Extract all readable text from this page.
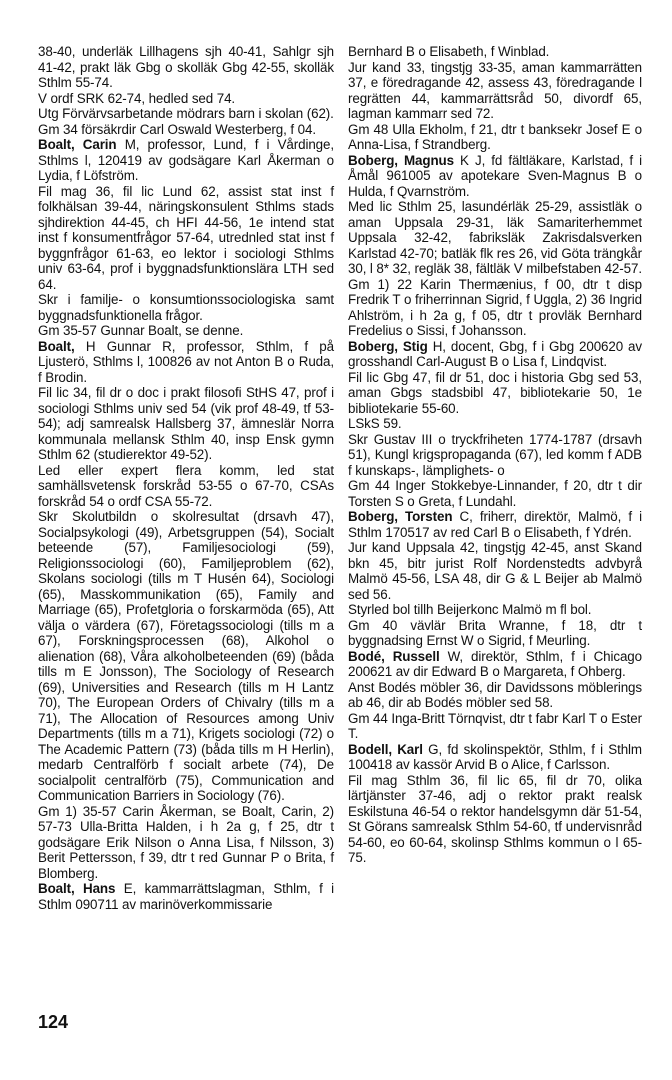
38-40, underläk Lillhagens sjh 40-41, Sahlgr sjh 41-42, prakt läk Gbg o skolläk Gbg 42-55, skolläk Sthlm 55-74.

V ordf SRK 62-74, hedled sed 74.

Utg Förvärvsarbetande mödrars barn i skolan (62).

Gm 34 försäkrdir Carl Oswald Westerberg, f 04.

Boalt, Carin M, professor, Lund, f i Vårdinge, Sthlms l, 120419 av godsägare Karl Åkerman o Lydia, f Löfström.

Fil mag 36, fil lic Lund 62, assist stat inst f folkhälsan 39-44, näringskonsulent Sthlms stads sjhdirektion 44-45, ch HFI 44-56, 1e intend stat inst f konsumentfrågor 57-64, utrednled stat inst f byggnfrågor 61-63, eo lektor i sociologi Sthlms univ 63-64, prof i byggnadsfunktionslära LTH sed 64.

Skr i familje- o konsumtionssociologiska samt byggnadsfunktionella frågor.

Gm 35-57 Gunnar Boalt, se denne.

Boalt, H Gunnar R, professor, Sthlm, f på Ljusterö, Sthlms l, 100826 av not Anton B o Ruda, f Brodin.

Fil lic 34, fil dr o doc i prakt filosofi StHS 47, prof i sociologi Sthlms univ sed 54 (vik prof 48-49, tf 53-54); adj samrealsk Hallsberg 37, ämneslär Norra kommunala mellansk Sthlm 40, insp Ensk gymn Sthlm 62 (studierektor 49-52).

Led eller expert flera komm, led stat samhällsvetensk forskråd 53-55 o 67-70, CSAs forskråd 54 o ordf CSA 55-72.

Skr Skolutbildn o skolresultat (drsavh 47), Socialpsykologi (49), Arbetsgruppen (54), Socialt beteende (57), Familjesociologi (59), Religionssociologi (60), Familjeproblem (62), Skolans sociologi (tills m T Husén 64), Sociologi (65), Masskommunikation (65), Family and Marriage (65), Profetgloria o forskarmöda (65), Att välja o värdera (67), Företagssociologi (tills m a 67), Forskningsprocessen (68), Alkohol o alienation (68), Våra alkoholbeteenden (69) (båda tills m E Jonsson), The Sociology of Research (69), Universities and Research (tills m H Lantz 70), The European Orders of Chivalry (tills m a 71), The Allocation of Resources among Univ Departments (tills m a 71), Krigets sociologi (72) o The Academic Pattern (73) (båda tills m H Herlin), medarb Centralförb f socialt arbete (74), De socialpolit centralförb (75), Communication and Communication Barriers in Sociology (76).

Gm 1) 35-57 Carin Åkerman, se Boalt, Carin, 2) 57-73 Ulla-Britta Halden, i h 2a g, f 25, dtr t godsägare Erik Nilson o Anna Lisa, f Nilsson, 3) Berit Pettersson, f 39, dtr t red Gunnar P o Brita, f Blomberg.

Boalt, Hans E, kammarrättslagman, Sthlm, f i Sthlm 090711 av marinöverkommissarie

Bernhard B o Elisabeth, f Winblad.

Jur kand 33, tingstjg 33-35, aman kammarrätten 37, e föredragande 42, assess 43, föredragande l regrätten 44, kammarrättsråd 50, divordf 65, lagman kammarr sed 72.

Gm 48 Ulla Ekholm, f 21, dtr t banksekr Josef E o Anna-Lisa, f Strandberg.

Boberg, Magnus K J, fd fältläkare, Karlstad, f i Åmål 961005 av apotekare Sven-Magnus B o Hulda, f Qvarnström.

Med lic Sthlm 25, lasundérläk 25-29, assistläk o aman Uppsala 29-31, läk Samariterhemmet Uppsala 32-42, fabriksläk Zakrisdalsverken Karlstad 42-70; batläk flk res 26, vid Göta trängkår 30, l 8* 32, regläk 38, fältläk V milbefstaben 42-57.

Gm 1) 22 Karin Thermænius, f 00, dtr t disp Fredrik T o friherrinnan Sigrid, f Uggla, 2) 36 Ingrid Ahlström, i h 2a g, f 05, dtr t provläk Bernhard Fredelius o Sissi, f Johansson.

Boberg, Stig H, docent, Gbg, f i Gbg 200620 av grosshandl Carl-August B o Lisa f, Lindqvist.

Fil lic Gbg 47, fil dr 51, doc i historia Gbg sed 53, aman Gbgs stadsbibl 47, bibliotekarie 50, 1e bibliotekarie 55-60.

LSkS 59.

Skr Gustav III o tryckfriheten 1774-1787 (drsavh 51), Kungl krigspropaganda (67), led komm f ADB f kunskaps-, lämplighets- o

Gm 44 Inger Stokkebye-Linnander, f 20, dtr t dir Torsten S o Greta, f Lundahl.

Boberg, Torsten C, friherr, direktör, Malmö, f i Sthlm 170517 av red Carl B o Elisabeth, f Ydrén.

Jur kand Uppsala 42, tingstjg 42-45, anst Skand bkn 45, bitr jurist Rolf Nordenstedts advbyrå Malmö 45-56, LSA 48, dir G & L Beijer ab Malmö sed 56.

Styrled bol tillh Beijerkonc Malmö m fl bol.

Gm 40 vävlär Brita Wranne, f 18, dtr t byggnadsing Ernst W o Sigrid, f Meurling.

Bodé, Russell W, direktör, Sthlm, f i Chicago 200621 av dir Edward B o Margareta, f Ohberg.

Anst Bodés möbler 36, dir Davidssons möblerings ab 46, dir ab Bodés möbler sed 58.

Gm 44 Inga-Britt Törnqvist, dtr t fabr Karl T o Ester T.

Bodell, Karl G, fd skolinspektör, Sthlm, f i Sthlm 100418 av kassör Arvid B o Alice, f Carlsson.

Fil mag Sthlm 36, fil lic 65, fil dr 70, olika lärtjänster 37-46, adj o rektor prakt realsk Eskilstuna 46-54 o rektor handelsgymn där 51-54, St Görans samrealsk Sthlm 54-60, tf undervisnråd 54-60, eo 60-64, skolinsp Sthlms kommun o l 65-75.

124
